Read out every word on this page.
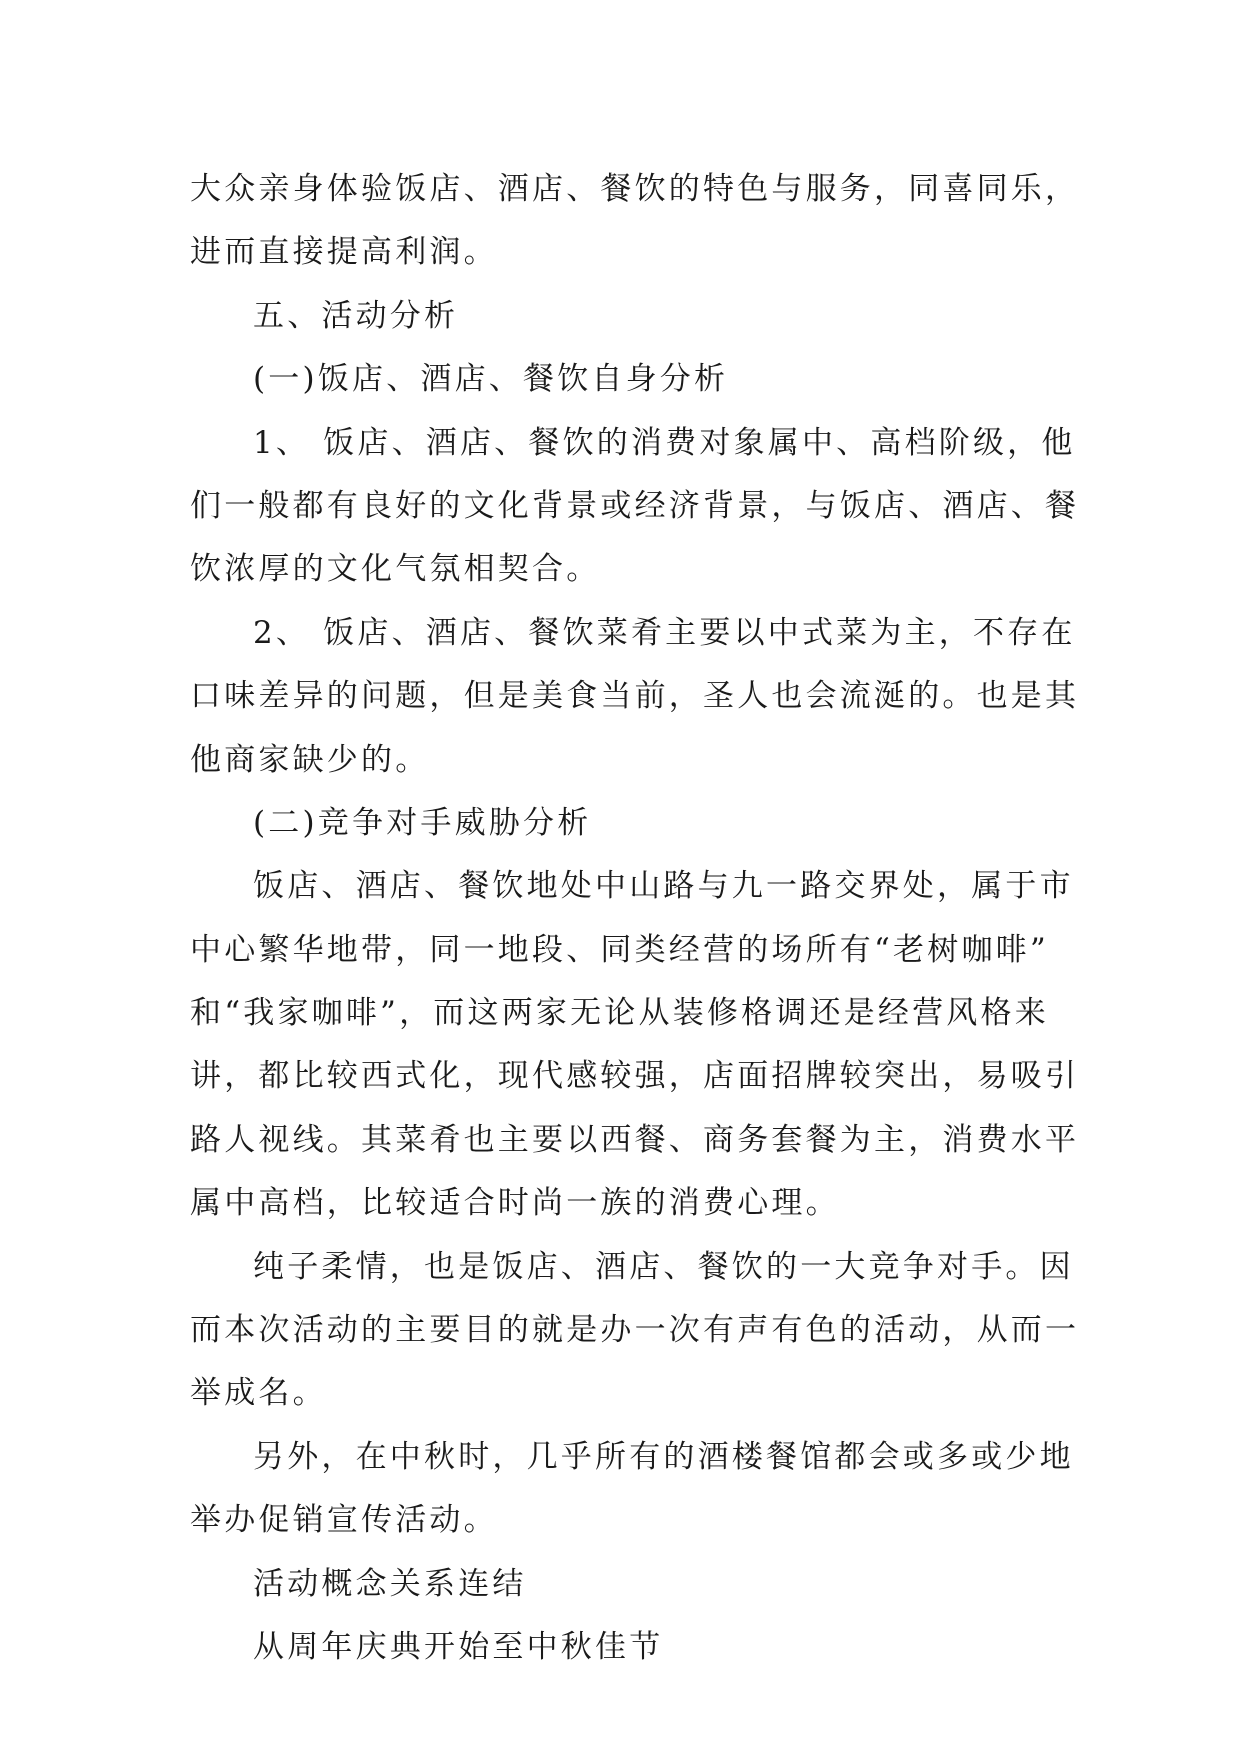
大众亲身体验饭店、酒店、餐饮的特色与服务，同喜同乐，
进而直接提高利润。
五、活动分析
(一)饭店、酒店、餐饮自身分析
1、 饭店、酒店、餐饮的消费对象属中、高档阶级，他
们一般都有良好的文化背景或经济背景，与饭店、酒店、餐
饮浓厚的文化气氛相契合。
2、 饭店、酒店、餐饮菜肴主要以中式菜为主，不存在
口味差异的问题，但是美食当前，圣人也会流涎的。也是其
他商家缺少的。
(二)竞争对手威胁分析
饭店、酒店、餐饮地处中山路与九一路交界处，属于市
中心繁华地带，同一地段、同类经营的场所有“老树咖啡”
和“我家咖啡”，而这两家无论从装修格调还是经营风格来
讲，都比较西式化，现代感较强，店面招牌较突出，易吸引
路人视线。其菜肴也主要以西餐、商务套餐为主，消费水平
属中高档，比较适合时尚一族的消费心理。
纯子柔情，也是饭店、酒店、餐饮的一大竞争对手。因
而本次活动的主要目的就是办一次有声有色的活动，从而一
举成名。
另外，在中秋时，几乎所有的酒楼餐馆都会或多或少地
举办促销宣传活动。
活动概念关系连结
从周年庆典开始至中秋佳节
